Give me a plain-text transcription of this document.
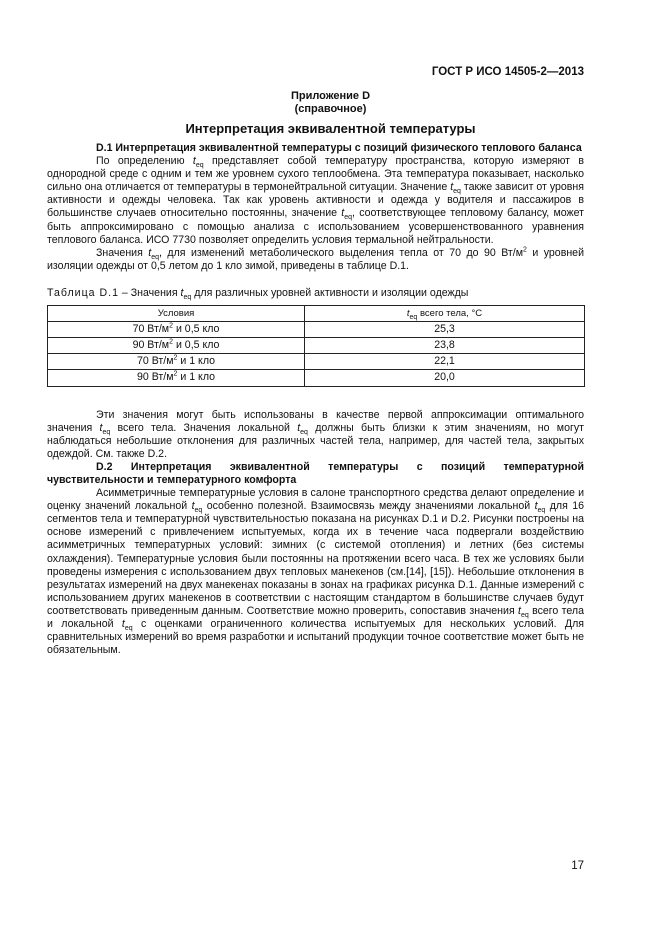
ГОСТ Р ИСО 14505-2—2013
Приложение D
(справочное)
Интерпретация эквивалентной температуры

D.1 Интерпретация эквивалентной температуры с позиций физического теплового баланса

По определению $t_{eq}$ представляет собой температуру пространства, которую измеряют в однородной среде с одним и тем же уровнем сухого теплообмена. Эта температура показывает, насколько сильно она отличается от температуры в термонейтральной ситуации. Значение $t_{eq}$ также зависит от уровня активности и одежды человека. Так как уровень активности и одежда у водителя и пассажиров в большинстве случаев относительно постоянны, значение $t_{eq}$, соответствующее тепловому балансу, может быть аппроксимировано с помощью анализа с использованием усовершенствованного уравнения теплового баланса. ИСО 7730 позволяет определить условия термальной нейтральности.

Значения $t_{eq}$, для изменений метаболического выделения тепла от 70 до 90 $Вт/м^2$ и уровней изоляции одежды от 0,5 летом до 1 кло зимой, приведены в таблице D.1.

Таблица D.1 – Значения $t_{eq}$ для различных уровней активности и изоляции одежды
Условия	$t_{eq}$ всего тела, °С
70 $Вт/м^2$ и 0,5 кло	25,3
90 $Вт/м^2$ и 0,5 кло	23,8
70 $Вт/м^2$ и 1 кло	22,1
90 $Вт/м^2$ и 1 кло	20,0

Эти значения могут быть использованы в качестве первой аппроксимации оптимального значения $t_{eq}$ всего тела. Значения локальной $t_{eq}$ должны быть близки к этим значениям, но могут наблюдаться небольшие отклонения для различных частей тела, например, для частей тела, закрытых одеждой. См. также D.2.

D.2 Интерпретация эквивалентной температуры с позиций температурной чувствительности и температурного комфорта

Асимметричные температурные условия в салоне транспортного средства делают определение и оценку значений локальной $t_{eq}$ особенно полезной. Взаимосвязь между значениями локальной $t_{eq}$ для 16 сегментов тела и температурной чувствительностью показана на рисунках D.1 и D.2. Рисунки построены на основе измерений с привлечением испытуемых, когда их в течение часа подвергали воздействию асимметричных температурных условий: зимних (с системой отопления) и летних (без системы охлаждения). Температурные условия были постоянны на протяжении всего часа. В тех же условиях были проведены измерения с использованием двух тепловых манекенов (см.[14], [15]). Небольшие отклонения в результатах измерений на двух манекенах показаны в зонах на графиках рисунка D.1. Данные измерений с использованием других манекенов в соответствии с настоящим стандартом в большинстве случаев будут соответствовать приведенным данным. Соответствие можно проверить, сопоставив значения $t_{eq}$ всего тела и локальной $t_{eq}$ с оценками ограниченного количества испытуемых для нескольких условий. Для сравнительных измерений во время разработки и испытаний продукции точное соответствие может быть не обязательным.

17
